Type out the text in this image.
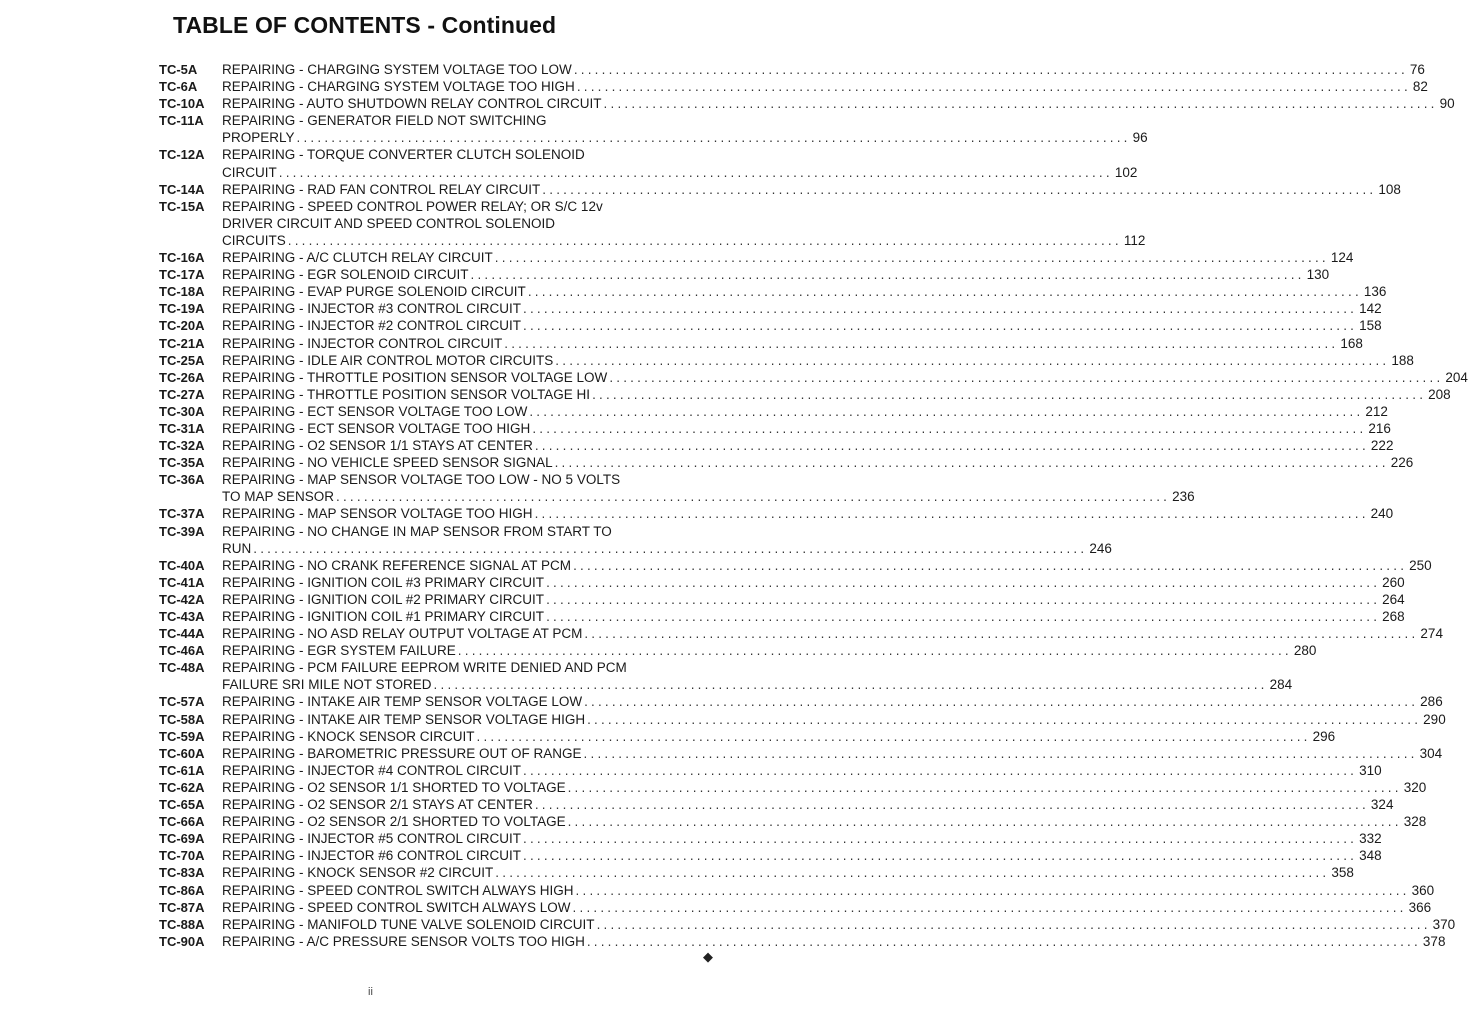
TABLE OF CONTENTS - Continued
TC-5A	REPAIRING - CHARGING SYSTEM VOLTAGE TOO LOW ........................................................................................................................ 76
TC-6A	REPAIRING - CHARGING SYSTEM VOLTAGE TOO HIGH ........................................................................................................................ 82
TC-10A	REPAIRING - AUTO SHUTDOWN RELAY CONTROL CIRCUIT ........................................................................................................................ 90
TC-11A	REPAIRING - GENERATOR FIELD NOT SWITCHING
PROPERLY ........................................................................................................................ 96
TC-12A	REPAIRING - TORQUE CONVERTER CLUTCH SOLENOID
CIRCUIT ........................................................................................................................ 102
TC-14A	REPAIRING - RAD FAN CONTROL RELAY CIRCUIT ........................................................................................................................ 108
TC-15A	REPAIRING - SPEED CONTROL POWER RELAY; OR S/C 12v
DRIVER CIRCUIT AND SPEED CONTROL SOLENOID
CIRCUITS ........................................................................................................................ 112
TC-16A	REPAIRING - A/C CLUTCH RELAY CIRCUIT ........................................................................................................................ 124
TC-17A	REPAIRING - EGR SOLENOID CIRCUIT ........................................................................................................................ 130
TC-18A	REPAIRING - EVAP PURGE SOLENOID CIRCUIT ........................................................................................................................ 136
TC-19A	REPAIRING - INJECTOR #3 CONTROL CIRCUIT ........................................................................................................................ 142
TC-20A	REPAIRING - INJECTOR #2 CONTROL CIRCUIT ........................................................................................................................ 158
TC-21A	REPAIRING - INJECTOR CONTROL CIRCUIT ........................................................................................................................ 168
TC-25A	REPAIRING - IDLE AIR CONTROL MOTOR CIRCUITS ........................................................................................................................ 188
TC-26A	REPAIRING - THROTTLE POSITION SENSOR VOLTAGE LOW ........................................................................................................................ 204
TC-27A	REPAIRING - THROTTLE POSITION SENSOR VOLTAGE HI ........................................................................................................................ 208
TC-30A	REPAIRING - ECT SENSOR VOLTAGE TOO LOW ........................................................................................................................ 212
TC-31A	REPAIRING - ECT SENSOR VOLTAGE TOO HIGH ........................................................................................................................ 216
TC-32A	REPAIRING - O2 SENSOR 1/1 STAYS AT CENTER ........................................................................................................................ 222
TC-35A	REPAIRING - NO VEHICLE SPEED SENSOR SIGNAL ........................................................................................................................ 226
TC-36A	REPAIRING - MAP SENSOR VOLTAGE TOO LOW - NO 5 VOLTS
TO MAP SENSOR ........................................................................................................................ 236
TC-37A	REPAIRING - MAP SENSOR VOLTAGE TOO HIGH ........................................................................................................................ 240
TC-39A	REPAIRING - NO CHANGE IN MAP SENSOR FROM START TO
RUN ........................................................................................................................ 246
TC-40A	REPAIRING - NO CRANK REFERENCE SIGNAL AT PCM ........................................................................................................................ 250
TC-41A	REPAIRING - IGNITION COIL #3 PRIMARY CIRCUIT ........................................................................................................................ 260
TC-42A	REPAIRING - IGNITION COIL #2 PRIMARY CIRCUIT ........................................................................................................................ 264
TC-43A	REPAIRING - IGNITION COIL #1 PRIMARY CIRCUIT ........................................................................................................................ 268
TC-44A	REPAIRING - NO ASD RELAY OUTPUT VOLTAGE AT PCM ........................................................................................................................ 274
TC-46A	REPAIRING - EGR SYSTEM FAILURE ........................................................................................................................ 280
TC-48A	REPAIRING - PCM FAILURE EEPROM WRITE DENIED AND PCM
FAILURE SRI MILE NOT STORED ........................................................................................................................ 284
TC-57A	REPAIRING - INTAKE AIR TEMP SENSOR VOLTAGE LOW ........................................................................................................................ 286
TC-58A	REPAIRING - INTAKE AIR TEMP SENSOR VOLTAGE HIGH ........................................................................................................................ 290
TC-59A	REPAIRING - KNOCK SENSOR CIRCUIT ........................................................................................................................ 296
TC-60A	REPAIRING - BAROMETRIC PRESSURE OUT OF RANGE ........................................................................................................................ 304
TC-61A	REPAIRING - INJECTOR #4 CONTROL CIRCUIT ........................................................................................................................ 310
TC-62A	REPAIRING - O2 SENSOR 1/1 SHORTED TO VOLTAGE ........................................................................................................................ 320
TC-65A	REPAIRING - O2 SENSOR 2/1 STAYS AT CENTER ........................................................................................................................ 324
TC-66A	REPAIRING - O2 SENSOR 2/1 SHORTED TO VOLTAGE ........................................................................................................................ 328
TC-69A	REPAIRING - INJECTOR #5 CONTROL CIRCUIT ........................................................................................................................ 332
TC-70A	REPAIRING - INJECTOR #6 CONTROL CIRCUIT ........................................................................................................................ 348
TC-83A	REPAIRING - KNOCK SENSOR #2 CIRCUIT ........................................................................................................................ 358
TC-86A	REPAIRING - SPEED CONTROL SWITCH ALWAYS HIGH ........................................................................................................................ 360
TC-87A	REPAIRING - SPEED CONTROL SWITCH ALWAYS LOW ........................................................................................................................ 366
TC-88A	REPAIRING - MANIFOLD TUNE VALVE SOLENOID CIRCUIT ........................................................................................................................ 370
TC-90A	REPAIRING - A/C PRESSURE SENSOR VOLTS TOO HIGH ........................................................................................................................ 378
◆
ii
